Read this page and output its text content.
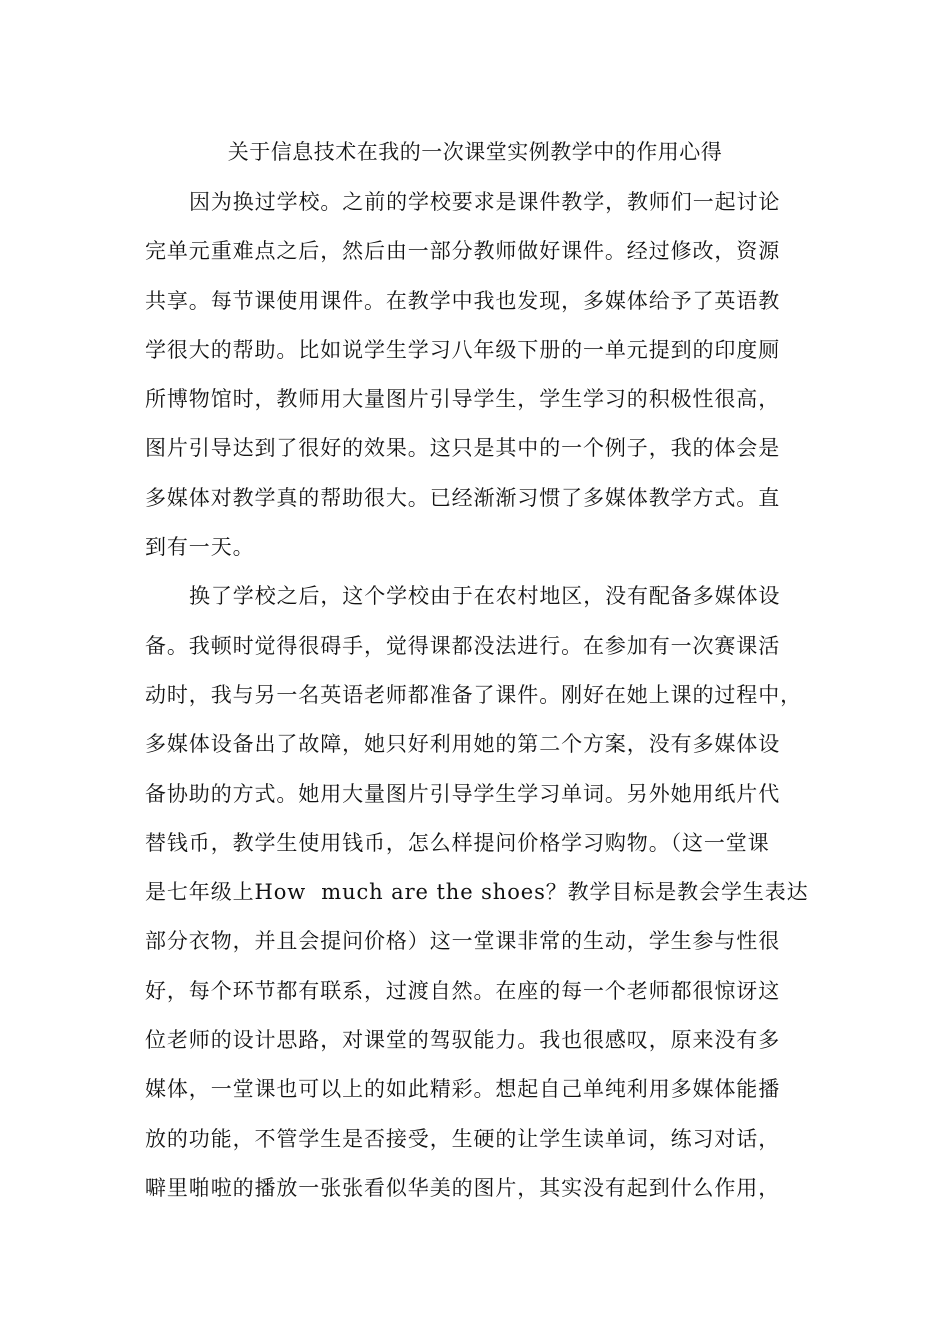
关于信息技术在我的一次课堂实例教学中的作用心得
因为换过学校。之前的学校要求是课件教学，教师们一起讨论
完单元重难点之后，然后由一部分教师做好课件。经过修改，资源
共享。每节课使用课件。在教学中我也发现，多媒体给予了英语教
学很大的帮助。比如说学生学习八年级下册的一单元提到的印度厕
所博物馆时，教师用大量图片引导学生，学生学习的积极性很高，
图片引导达到了很好的效果。这只是其中的一个例子，我的体会是
多媒体对教学真的帮助很大。已经渐渐习惯了多媒体教学方式。直
到有一天。
换了学校之后，这个学校由于在农村地区，没有配备多媒体设
备。我顿时觉得很碍手，觉得课都没法进行。在参加有一次赛课活
动时，我与另一名英语老师都准备了课件。刚好在她上课的过程中，
多媒体设备出了故障，她只好利用她的第二个方案，没有多媒体设
备协助的方式。她用大量图片引导学生学习单词。另外她用纸片代
替钱币，教学生使用钱币，怎么样提问价格学习购物。（这一堂课
是七年级上How  much are the shoes？教学目标是教会学生表达
部分衣物，并且会提问价格）这一堂课非常的生动，学生参与性很
好，每个环节都有联系，过渡自然。在座的每一个老师都很惊讶这
位老师的设计思路，对课堂的驾驭能力。我也很感叹，原来没有多
媒体，一堂课也可以上的如此精彩。想起自己单纯利用多媒体能播
放的功能，不管学生是否接受，生硬的让学生读单词，练习对话，
噼里啪啦的播放一张张看似华美的图片，其实没有起到什么作用，
